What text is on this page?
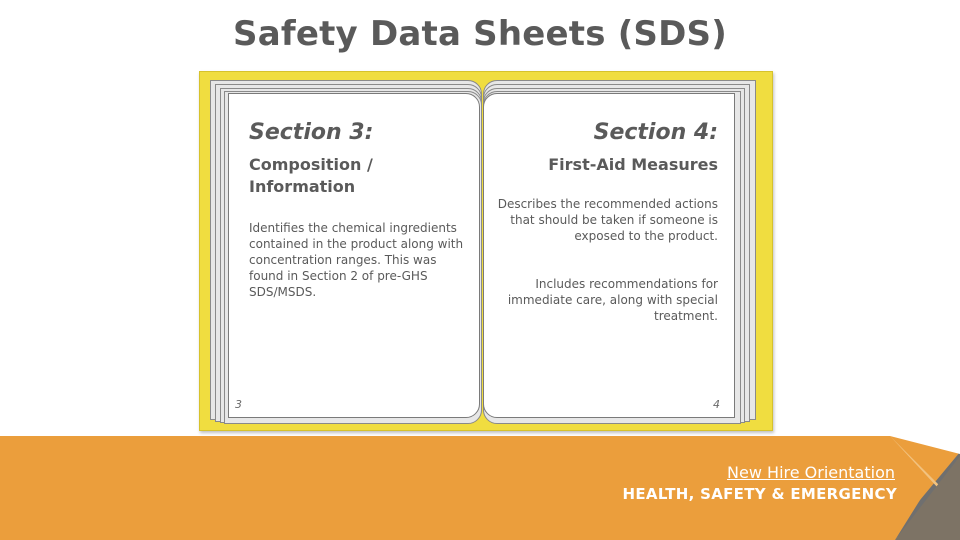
Safety Data Sheets (SDS)
Section 3:
Composition /
Information
Identifies the chemical ingredients contained in the product along with concentration ranges. This was found in Section 2 of pre-GHS SDS/MSDS.
3
Section 4:
First-Aid Measures
Describes the recommended actions that should be taken if someone is exposed to the product.
Includes recommendations for immediate care, along with special treatment.
4
New Hire Orientation
HEALTH, SAFETY & EMERGENCY
